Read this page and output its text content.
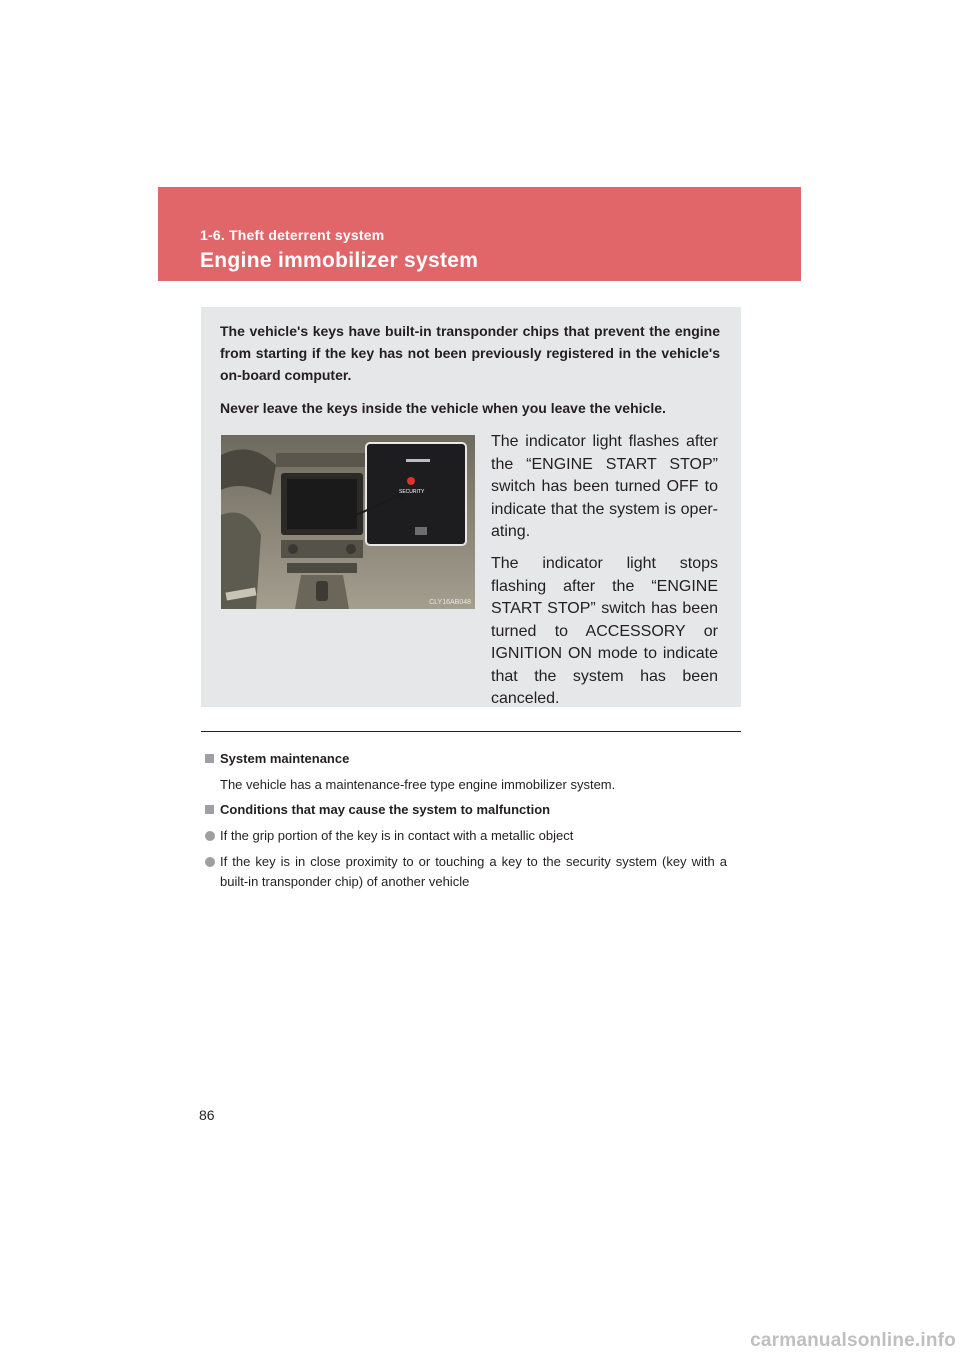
1-6. Theft deterrent system
Engine immobilizer system

The vehicle's keys have built-in transponder chips that prevent the engine from starting if the key has not been previously registered in the vehicle's on-board computer.

Never leave the keys inside the vehicle when you leave the vehicle.

SECURITY
CLY16AB048

The indicator light flashes after the “ENGINE START STOP” switch has been turned OFF to indicate that the system is oper- ating.

The indicator light stops flashing after the “ENGINE START STOP” switch has been turned to ACCESSORY or IGNITION ON mode to indicate that the system has been canceled.

System maintenance

The vehicle has a maintenance-free type engine immobilizer system.

Conditions that may cause the system to malfunction

If the grip portion of the key is in contact with a metallic object

If the key is in close proximity to or touching a key to the security system (key with a built-in transponder chip) of another vehicle

86
carmanualsonline.info
